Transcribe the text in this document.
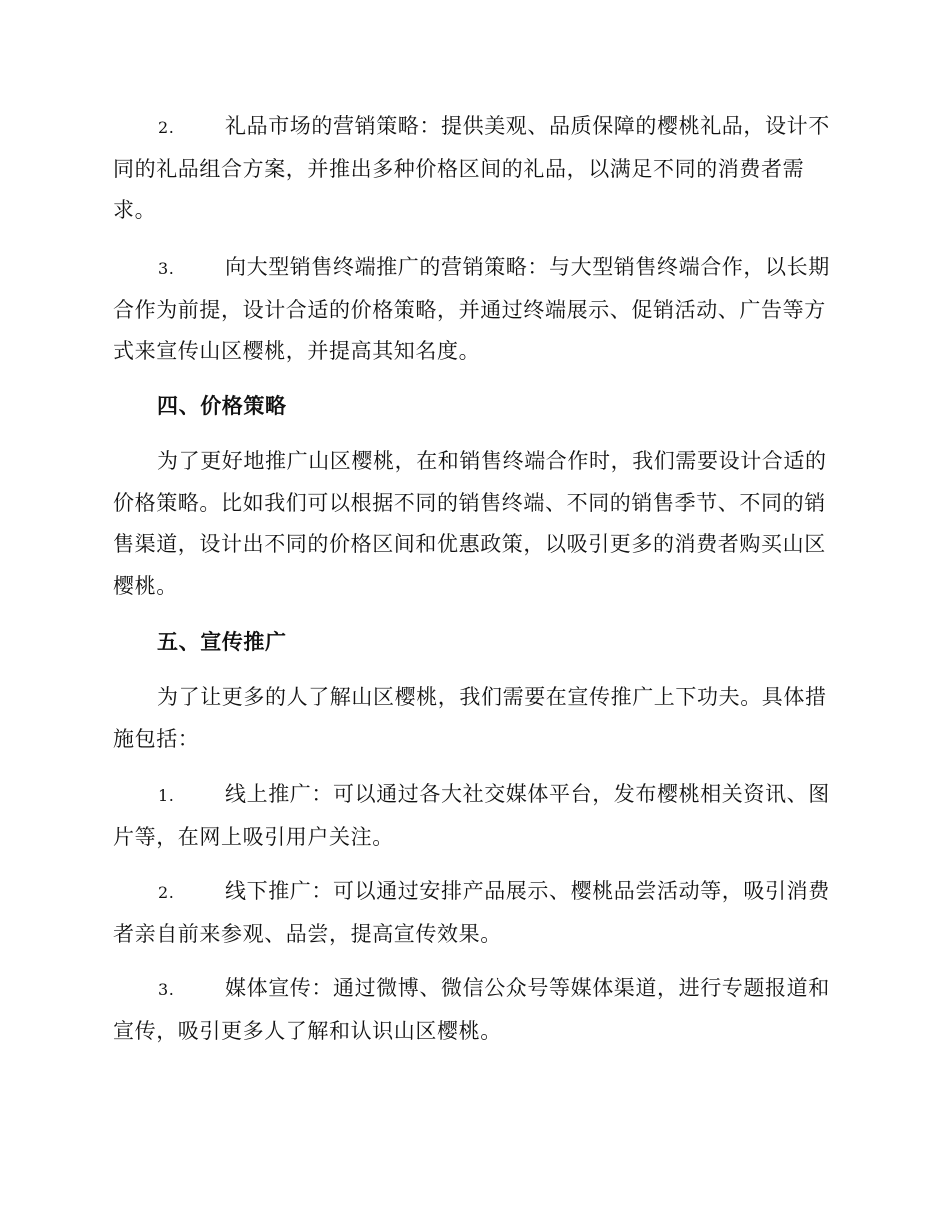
2. 礼品市场的营销策略：提供美观、品质保障的樱桃礼品，设计不同的礼品组合方案，并推出多种价格区间的礼品，以满足不同的消费者需求。
3. 向大型销售终端推广的营销策略：与大型销售终端合作，以长期合作为前提，设计合适的价格策略，并通过终端展示、促销活动、广告等方式来宣传山区樱桃，并提高其知名度。
四、价格策略
为了更好地推广山区樱桃，在和销售终端合作时，我们需要设计合适的价格策略。比如我们可以根据不同的销售终端、不同的销售季节、不同的销售渠道，设计出不同的价格区间和优惠政策，以吸引更多的消费者购买山区樱桃。
五、宣传推广
为了让更多的人了解山区樱桃，我们需要在宣传推广上下功夫。具体措施包括：
1. 线上推广：可以通过各大社交媒体平台，发布樱桃相关资讯、图片等，在网上吸引用户关注。
2. 线下推广：可以通过安排产品展示、樱桃品尝活动等，吸引消费者亲自前来参观、品尝，提高宣传效果。
3. 媒体宣传：通过微博、微信公众号等媒体渠道，进行专题报道和宣传，吸引更多人了解和认识山区樱桃。
